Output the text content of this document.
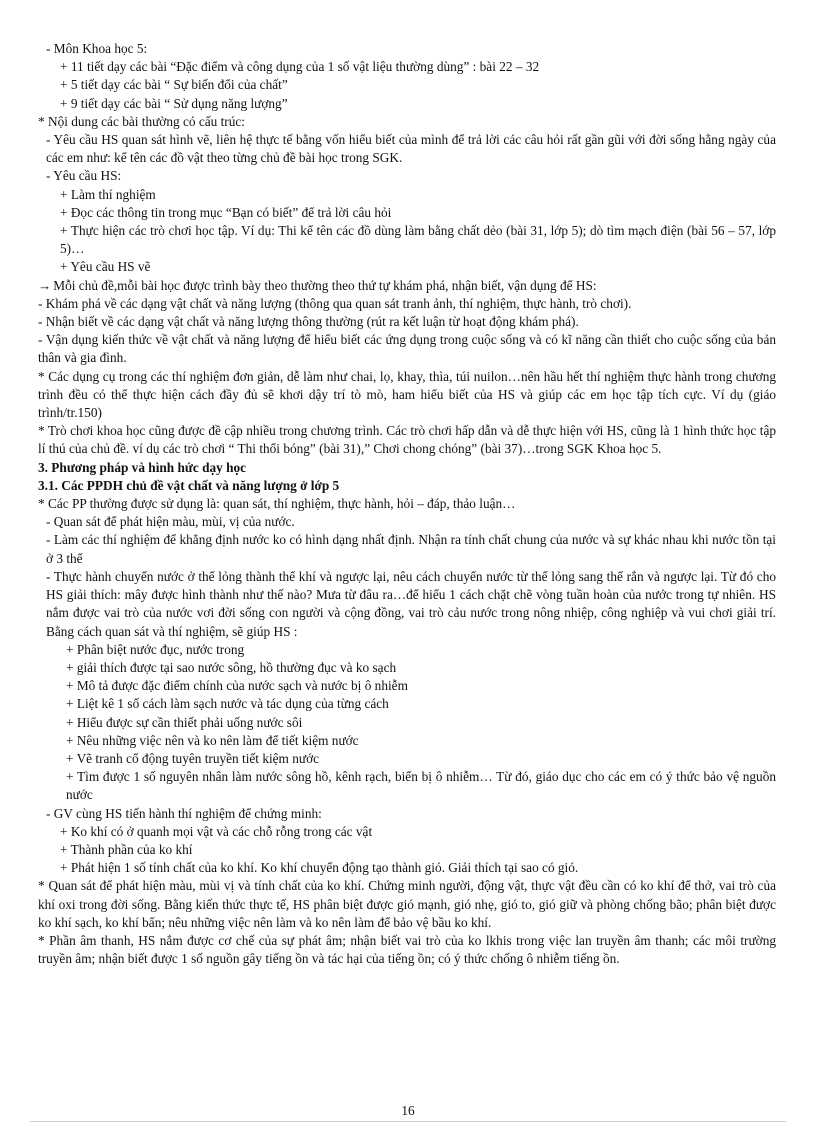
- Môn Khoa học 5:
+ 11 tiết dạy các bài “Đặc điểm và công dụng của 1 số vật liệu thường dùng” : bài 22 – 32
+ 5 tiết dạy các bài “ Sự biến đổi của chất”
+ 9 tiết dạy các bài “ Sử dụng năng lượng”
* Nội dung các bài thường có cấu trúc:
- Yêu cầu HS quan sát hình vẽ, liên hệ thực tế bằng vốn hiểu biết của mình để trả lời các câu hỏi rất gần gũi với đời sống hằng ngày của các em như: kể tên các đồ vật theo từng chủ đề bài học trong SGK.
- Yêu cầu HS:
+ Làm thí nghiệm
+ Đọc các thông tin trong mục “Bạn có biết” để trả lời câu hỏi
+ Thực hiện các trò chơi học tập. Ví dụ: Thi kể tên các đồ dùng làm bằng chất dẻo (bài 31, lớp 5); dò tìm mạch điện (bài 56 – 57, lớp 5)…
+ Yêu cầu HS vẽ
→ Mỗi chủ đề,mỗi bài học được trình bày theo thường theo thứ tự khám phá, nhận biết, vận dụng để HS:
- Khám phá về các dạng vật chất và năng lượng (thông qua quan sát tranh ảnh, thí nghiệm, thực hành, trò chơi).
- Nhận biết về các dạng vật chất và năng lượng thông thường (rút ra kết luận từ hoạt động khám phá).
- Vận dụng kiến thức về vật chất và năng lượng để hiểu biết các ứng dụng trong cuộc sống và có kĩ năng cần thiết cho cuộc sống của bản thân và gia đình.
* Các dụng cụ trong các thí nghiệm đơn giản, dễ làm như chai, lọ, khay, thìa, túi nuilon…nên hầu hết thí nghiệm thực hành trong chương trình đều có thể thực hiện cách đầy đủ sẽ khơi dậy trí tò mò, ham hiểu biết của HS và giúp các em học tập tích cực. Ví dụ (giáo trình/tr.150)
* Trò chơi khoa học cũng được đề cập nhiều trong chương trình. Các trò chơi hấp dẫn và dễ thực hiện với HS, cũng là 1 hình thức học tập lí thú của chủ đề. ví dụ các trò chơi “ Thi thổi bóng” (bài 31),” Chơi chong chóng” (bài 37)…trong SGK Khoa học 5.
3. Phương pháp và hình hức dạy học
3.1. Các PPDH chủ đề vật chất và năng lượng ở lớp 5
* Các PP thường được sử dụng là: quan sát, thí nghiệm, thực hành, hỏi – đáp, thảo luận…
- Quan sát để phát hiện màu, mùi, vị của nước.
- Làm các thí nghiệm để khẳng định nước ko có hình dạng nhất định. Nhận ra tính chất chung của nước và sự khác nhau khi nước tồn tại ở 3 thể
- Thực hành chuyển nước ở thể lỏng thành thể khí và ngược lại, nêu cách chuyển nước từ thể lỏng sang thể rắn và ngược lại. Từ đó cho HS giải thích: mây được hình thành như thế nào? Mưa từ đâu ra…để hiểu 1 cách chặt chẽ vòng tuần hoàn của nước trong tự nhiên. HS nắm được vai trò của nước vơi đời sống con người và cộng đồng, vai trò cảu nước trong nông nhiệp, công nghiệp và vui chơi giải trí. Bằng cách quan sát và thí nghiệm, sẽ giúp HS :
+ Phân biệt nước đục, nước trong
+ giải thích được tại sao nước sông, hồ thường đục và ko sạch
+ Mô tả được đặc điểm chính của nước sạch và nước bị ô nhiễm
+ Liệt kê 1 số cách làm sạch nước và tác dụng của từng cách
+ Hiểu được sự cần thiết phải uống nước sôi
+ Nêu những việc nên và ko nên làm để tiết kiệm nước
+ Vẽ tranh cổ động tuyên truyền tiết kiệm nước
+ Tìm được 1 số nguyên nhân làm nước sông hồ, kênh rạch, biển bị ô nhiễm… Từ đó, giáo dục cho các em có ý thức bảo vệ nguồn nước
- GV cùng HS tiến hành thí nghiệm để chứng minh:
+ Ko khí có ở quanh mọi vật và các chỗ rỗng trong các vật
+ Thành phần của ko khí
+ Phát hiện 1 số tính chất của ko khí. Ko khí chuyển động tạo thành gió. Giải thích tại sao có gió.
* Quan sát để phát hiện màu, mùi vị và tính chất của ko khí. Chứng minh người, động vật, thực vật đều cần có ko khí để thở, vai trò của khí oxi trong đời sống. Bằng kiến thức thực tế, HS phân biệt được gió mạnh, gió nhẹ, gió to, gió giữ và phòng chống bão; phân biệt được ko khí sạch, ko khí bẩn; nêu những việc nên làm và ko nên làm để bảo vệ bầu ko khí.
* Phần âm thanh, HS nắm được cơ chế của sự phát âm; nhận biết vai trò của ko lkhis trong việc lan truyền âm thanh; các môi trường truyền âm; nhận biết được 1 số nguồn gây tiếng ồn và tác hại của tiếng ồn; có ý thức chống ô nhiễm tiếng ồn.
16
